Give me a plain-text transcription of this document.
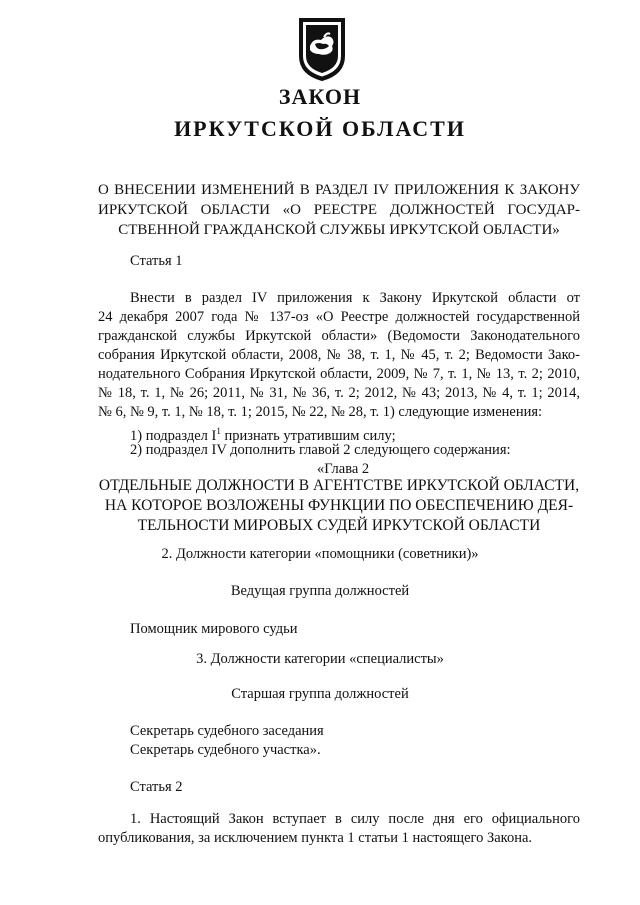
ЗАКОН
ИРКУТСКОЙ ОБЛАСТИ
О ВНЕСЕНИИ ИЗМЕНЕНИЙ В РАЗДЕЛ IV ПРИЛОЖЕНИЯ К ЗАКОНУ
ИРКУТСКОЙ ОБЛАСТИ «О РЕЕСТРЕ ДОЛЖНОСТЕЙ ГОСУДАР-
СТВЕННОЙ ГРАЖДАНСКОЙ СЛУЖБЫ ИРКУТСКОЙ ОБЛАСТИ»
Статья 1
Внести в раздел IV приложения к Закону Иркутской области от
24 декабря 2007 года № 137-оз «О Реестре должностей государственной
гражданской службы Иркутской области» (Ведомости Законодательного
собрания Иркутской области, 2008, № 38, т. 1, № 45, т. 2; Ведомости Зако-
нодательного Собрания Иркутской области, 2009, № 7, т. 1, № 13, т. 2; 2010,
№ 18, т. 1, № 26; 2011, № 31, № 36, т. 2; 2012, № 43; 2013, № 4, т. 1; 2014,
№ 6, № 9, т. 1, № 18, т. 1; 2015, № 22, № 28, т. 1) следующие изменения:
1) подраздел $I^1$ признать утратившим силу;
2) подраздел IV дополнить главой 2 следующего содержания:
«Глава 2
ОТДЕЛЬНЫЕ ДОЛЖНОСТИ В АГЕНТСТВЕ ИРКУТСКОЙ ОБЛАСТИ,
НА КОТОРОЕ ВОЗЛОЖЕНЫ ФУНКЦИИ ПО ОБЕСПЕЧЕНИЮ ДЕЯ-
ТЕЛЬНОСТИ МИРОВЫХ СУДЕЙ ИРКУТСКОЙ ОБЛАСТИ
2. Должности категории «помощники (советники)»
Ведущая группа должностей
Помощник мирового судьи
3. Должности категории «специалисты»
Старшая группа должностей
Секретарь судебного заседания
Секретарь судебного участка».
Статья 2
1. Настоящий Закон вступает в силу после дня его официального
опубликования, за исключением пункта 1 статьи 1 настоящего Закона.
